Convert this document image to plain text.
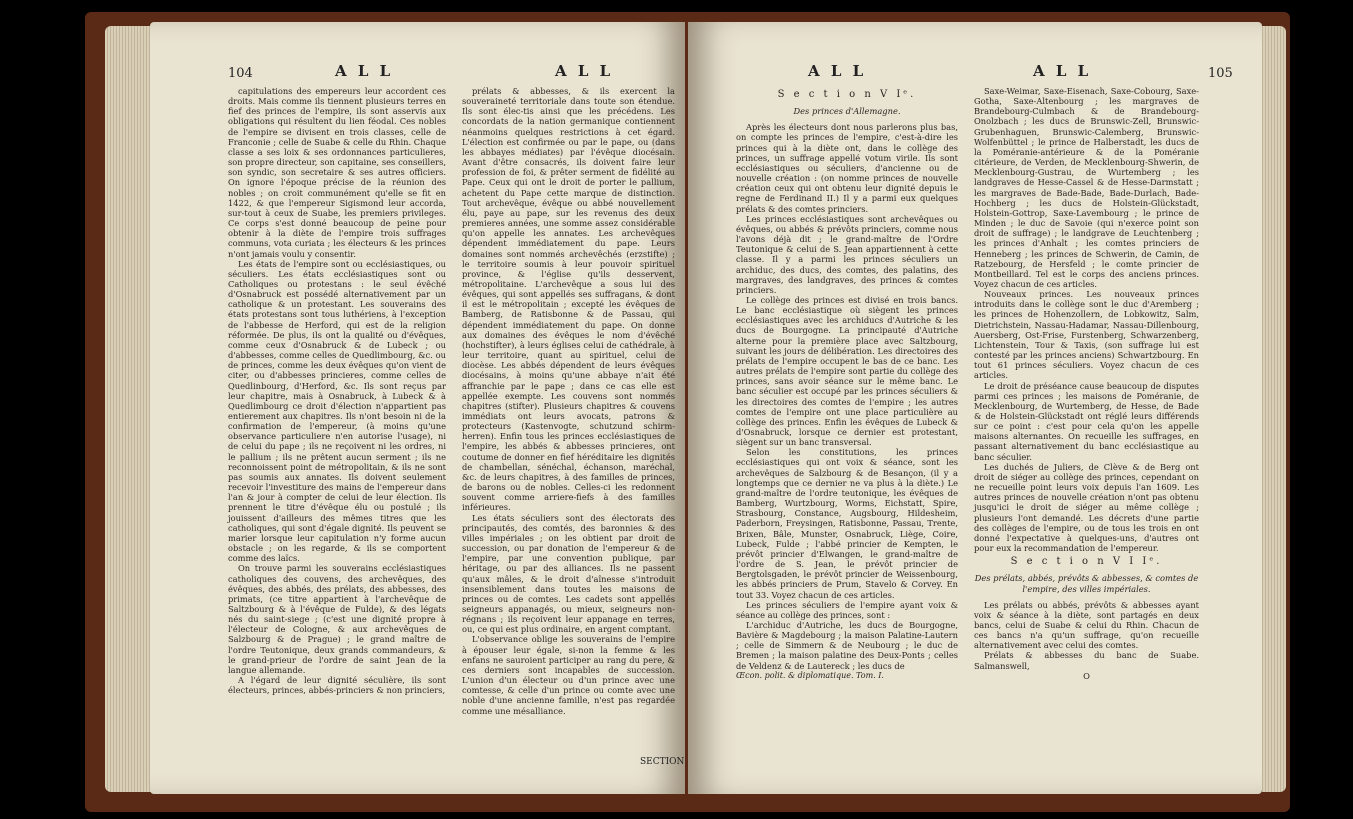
104	A L L	A L L

capitulations des empereurs leur accordent ces droits. Mais comme ils tiennent plusieurs terres en fief des princes de l'empire, ils sont asservis aux obligations qui résultent du lien féodal. Ces nobles de l'empire se divisent en trois classes, celle de Franconie ; celle de Suabe & celle du Rhin. Chaque classe a ses loix & ses ordonnances particulieres, son propre directeur, son capitaine, ses conseillers, son syndic, son secretaire & ses autres officiers. On ignore l'époque précise de la réunion des nobles ; on croit communément qu'elle se fit en 1422, & que l'empereur Sigismond leur accorda, sur-tout à ceux de Suabe, les premiers privileges. Ce corps s'est donné beaucoup de peine pour obtenir à la diète de l'empire trois suffrages communs, vota curiata ; les électeurs & les princes n'ont jamais voulu y consentir.

Les états de l'empire sont ou ecclésiastiques, ou séculiers. Les états ecclésiastiques sont ou Catholiques ou protestans : le seul évêché d'Osnabruck est possédé alternativement par un catholique & un protestant. Les souverains des états protestans sont tous luthériens, à l'exception de l'abbesse de Herford, qui est de la religion réformée. De plus, ils ont la qualité ou d'évêques, comme ceux d'Osnabruck & de Lubeck ; ou d'abbesses, comme celles de Quedlimbourg, &c. ou de princes, comme les deux évêques qu'on vient de citer, ou d'abbesses princieres, comme celles de Quedlinbourg, d'Herford, &c. Ils sont reçus par leur chapitre, mais à Osnabruck, à Lubeck & à Quedlimbourg ce droit d'élection n'appartient pas entierement aux chapitres. Ils n'ont besoin ni de la confirmation de l'empereur, (à moins qu'une observance particuliere n'en autorise l'usage), ni de celui du pape ; ils ne reçoivent ni les ordres, ni le pallium ; ils ne prêtent aucun serment ; ils ne reconnoissent point de métropolitain, & ils ne sont pas soumis aux annates. Ils doivent seulement recevoir l'investiture des mains de l'empereur dans l'an & jour à compter de celui de leur élection. Ils prennent le titre d'évêque élu ou postulé ; ils jouissent d'ailleurs des mêmes titres que les catholiques, qui sont d'égale dignité. Ils peuvent se marier lorsque leur capitulation n'y forme aucun obstacle ; on les regarde, & ils se comportent comme des laïcs.

On trouve parmi les souverains ecclésiastiques catholiques des couvens, des archevêques, des évêques, des abbés, des prélats, des abbesses, des primats, (ce titre appartient à l'archevêque de Saltzbourg & à l'évêque de Fulde), & des légats nés du saint-siege ; (c'est une dignité propre à l'électeur de Cologne, & aux archevêques de Salzbourg & de Prague) ; le grand maître de l'ordre Teutonique, deux grands commandeurs, & le grand-prieur de l'ordre de saint Jean de la langue allemande.

A l'égard de leur dignité séculière, ils sont électeurs, princes, abbés-princiers & non princiers,

prélats & abbesses, & ils exercent la souveraineté territoriale dans toute son étendue. Ils sont élec-tis ainsi que les précédens. Les concordats de la nation germanique contiennent néanmoins quelques restrictions à cet égard. L'élection est confirmée ou par le pape, ou (dans les abbayes médiates) par l'évêque diocésain. Avant d'être consacrés, ils doivent faire leur profession de foi, & prêter serment de fidélité au Pape. Ceux qui ont le droit de porter le pallium, achetent du Pape cette marque de distinction. Tout archevêque, évêque ou abbé nouvellement élu, paye au pape, sur les revenus des deux premieres années, une somme assez considérable qu'on appelle les annates. Les archevêques dépendent immédiatement du pape. Leurs domaines sont nommés archevêchés (erzstifte) ; le territoire soumis à leur pouvoir spirituel province, & l'église qu'ils desservent, métropolitaine. L'archevêque a sous lui des évêques, qui sont appellés ses suffragans, & dont il est le métropolitain ; excepté les évêques de Bamberg, de Ratisbonne & de Passau, qui dépendent immédiatement du pape. On donne aux domaines des évêques le nom d'évêché (hochstifter), à leurs églises celui de cathédrale, à leur territoire, quant au spirituel, celui de diocèse. Les abbés dépendent de leurs évêques diocésains, à moins qu'une abbaye n'ait été affranchie par le pape ; dans ce cas elle est appellée exempte. Les couvens sont nommés chapitres (stifter). Plusieurs chapitres & couvens immédiats ont leurs avocats, patrons & protecteurs (Kastenvogte, schutzund schirm-herren). Enfin tous les princes ecclésiastiques de l'empire, les abbés & abbesses princieres, ont coutume de donner en fief héréditaire les dignités de chambellan, sénéchal, échanson, maréchal, &c. de leurs chapitres, à des familles de princes, de barons ou de nobles. Celles-ci les redonnent souvent comme arriere-fiefs à des familles inférieures.

Les états séculiers sont des électorats des principautés, des comtés, des baronnies & des villes impériales ; on les obtient par droit de succession, ou par donation de l'empereur & de l'empire, par une convention publique, par héritage, ou par des alliances. Ils ne passent qu'aux mâles, & le droit d'aînesse s'introduit insensiblement dans toutes les maisons de princes ou de comtes. Les cadets sont appellés seigneurs appanagés, ou mieux, seigneurs non-régnans ; ils reçoivent leur appanage en terres, ou, ce qui est plus ordinaire, en argent comptant.

L'observance oblige les souverains de l'empire à épouser leur égale, si-non la femme & les enfans ne sauroient participer au rang du pere, & ces derniers sont incapables de succession. L'union d'un électeur ou d'un prince avec une comtesse, & celle d'un prince ou comte avec une noble d'une ancienne famille, n'est pas regardée comme une mésalliance.

SECTION
A L L	A L L	105
S e c t i o n V Iᵉ.
Des princes d'Allemagne.

Après les électeurs dont nous parlerons plus bas, on compte les princes de l'empire, c'est-à-dire les princes qui à la diète ont, dans le collège des princes, un suffrage appellé votum virile. Ils sont ecclésiastiques ou séculiers, d'ancienne ou de nouvelle création : (on nomme princes de nouvelle création ceux qui ont obtenu leur dignité depuis le regne de Ferdinand II.) Il y a parmi eux quelques prélats & des comtes princiers.

Les princes ecclésiastiques sont archevêques ou évêques, ou abbés & prévôts princiers, comme nous l'avons déjà dit ; le grand-maître de l'Ordre Teutonique & celui de S. Jean appartiennent à cette classe. Il y a parmi les princes séculiers un archiduc, des ducs, des comtes, des palatins, des margraves, des landgraves, des princes & comtes princiers.

Le collège des princes est divisé en trois bancs. Le banc ecclésiastique où siègent les princes ecclésiastiques avec les archiducs d'Autriche & les ducs de Bourgogne. La principauté d'Autriche alterne pour la première place avec Saltzbourg, suivant les jours de délibération. Les directoires des prélats de l'empire occupent le bas de ce banc. Les autres prélats de l'empire sont partie du collège des princes, sans avoir séance sur le même banc. Le banc séculier est occupé par les princes séculiers & les directoires des comtes de l'empire ; les autres comtes de l'empire ont une place particulière au collège des princes. Enfin les évêques de Lubeck & d'Osnabruck, lorsque ce dernier est protestant, siègent sur un banc transversal.

Selon les constitutions, les princes ecclésiastiques qui ont voix & séance, sont les archevêques de Salzbourg & de Besançon, (il y a longtemps que ce dernier ne va plus à la diète.) Le grand-maître de l'ordre teutonique, les évêques de Bamberg, Wurtzbourg, Worms, Eichstatt, Spire, Strasbourg, Constance, Augsbourg, Hildesheim, Paderborn, Freysingen, Ratisbonne, Passau, Trente, Brixen, Bâle, Munster, Osnabruck, Liège, Coire, Lubeck, Fulde ; l'abbé princier de Kempten, le prévôt princier d'Elwangen, le grand-maître de l'ordre de S. Jean, le prévôt princier de Bergtolsgaden, le prévôt princier de Weissenbourg, les abbés princiers de Prum, Stavelo & Corvey. En tout 33. Voyez chacun de ces articles.

Les princes séculiers de l'empire ayant voix & séance au collège des princes, sont :

L'archiduc d'Autriche, les ducs de Bourgogne, Bavière & Magdebourg ; la maison Palatine-Lautern ; celle de Simmern & de Neubourg ; le duc de Bremen ; la maison palatine des Deux-Ponts ; celles de Veldenz & de Lautereck ; les ducs de

Œcon. polit. & diplomatique. Tom. I.

Saxe-Weimar, Saxe-Eisenach, Saxe-Cobourg, Saxe-Gotha, Saxe-Altenbourg ; les margraves de Brandebourg-Culmbach & de Brandebourg-Onolzbach ; les ducs de Brunswic-Zell, Brunswic-Grubenhaguen, Brunswic-Calemberg, Brunswic-Wolfenbüttel ; le prince de Halberstadt, les ducs de la Poméranie-antérieure & de la Poméranie citérieure, de Verden, de Mecklenbourg-Shwerin, de Mecklenbourg-Gustrau, de Wurtemberg ; les landgraves de Hesse-Cassel & de Hesse-Darmstatt ; les margraves de Bade-Bade, Bade-Durlach, Bade-Hochberg ; les ducs de Holstein-Glückstadt, Holstein-Gottrop, Saxe-Lavembourg ; le prince de Minden ; le duc de Savoie (qui n'exerce point son droit de suffrage) ; le landgrave de Leuchtenberg ; les princes d'Anhalt ; les comtes princiers de Henneberg ; les princes de Schwerin, de Camin, de Ratzebourg, de Hersfeld ; le comte princier de Montbeillard. Tel est le corps des anciens princes. Voyez chacun de ces articles.

Nouveaux princes. Les nouveaux princes introduits dans le collège sont le duc d'Aremberg ; les princes de Hohenzollern, de Lobkowitz, Salm, Dietrichstein, Nassau-Hadamar, Nassau-Dillenbourg, Auersberg, Ost-Frise, Furstenberg, Schwarzenberg, Lichtenstein, Tour & Taxis, (son suffrage lui est contesté par les princes anciens) Schwartzbourg. En tout 61 princes séculiers. Voyez chacun de ces articles.

Le droit de préséance cause beaucoup de disputes parmi ces princes ; les maisons de Poméranie, de Mecklenbourg, de Wurtemberg, de Hesse, de Bade & de Holstein-Glückstadt ont réglé leurs différends sur ce point : c'est pour cela qu'on les appelle maisons alternantes. On recueille les suffrages, en passant alternativement du banc ecclésiastique au banc séculier.

Les duchés de Juliers, de Clève & de Berg ont droit de siéger au collège des princes, cependant on ne recueille point leurs voix depuis l'an 1609. Les autres princes de nouvelle création n'ont pas obtenu jusqu'ici le droit de siéger au même collège ; plusieurs l'ont demandé. Les décrets d'une partie des collèges de l'empire, ou de tous les trois en ont donné l'expectative à quelques-uns, d'autres ont pour eux la recommandation de l'empereur.

S e c t i o n V I Iᵉ.
Des prélats, abbés, prévôts & abbesses, & comtes de l'empire, des villes impériales.

Les prélats ou abbés, prévôts & abbesses ayant voix & séance à la diète, sont partagés en deux bancs, celui de Suabe & celui du Rhin. Chacun de ces bancs n'a qu'un suffrage, qu'on recueille alternativement avec celui des comtes.

Prélats & abbesses du banc de Suabe. Salmanswell,

O
